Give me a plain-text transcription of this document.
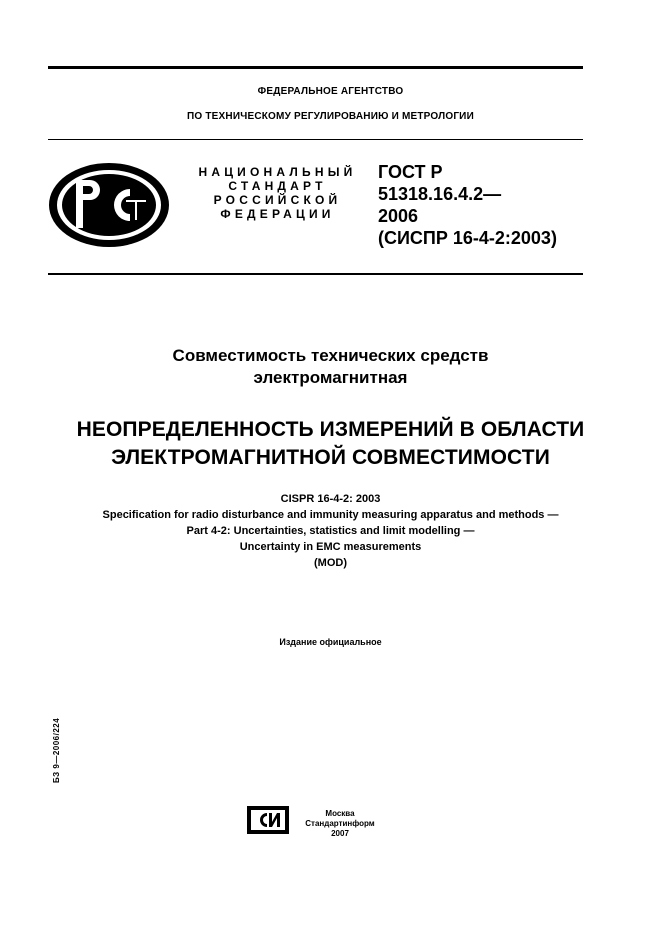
ФЕДЕРАЛЬНОЕ АГЕНТСТВО
ПО ТЕХНИЧЕСКОМУ РЕГУЛИРОВАНИЮ И МЕТРОЛОГИИ
НАЦИОНАЛЬНЫЙ
СТАНДАРТ
РОССИЙСКОЙ
ФЕДЕРАЦИИ
ГОСТ Р
51318.16.4.2—
2006
(СИСПР 16-4-2:2003)
Совместимость технических средств
электромагнитная
НЕОПРЕДЕЛЕННОСТЬ ИЗМЕРЕНИЙ В ОБЛАСТИ
ЭЛЕКТРОМАГНИТНОЙ СОВМЕСТИМОСТИ
CISPR 16-4-2: 2003
Specification for radio disturbance and immunity measuring apparatus and methods —
Part 4-2: Uncertainties, statistics and limit modelling —
Uncertainty in EMC measurements
(MOD)
Издание официальное
БЗ 9—2006/224
Москва
Стандартинформ
2007
